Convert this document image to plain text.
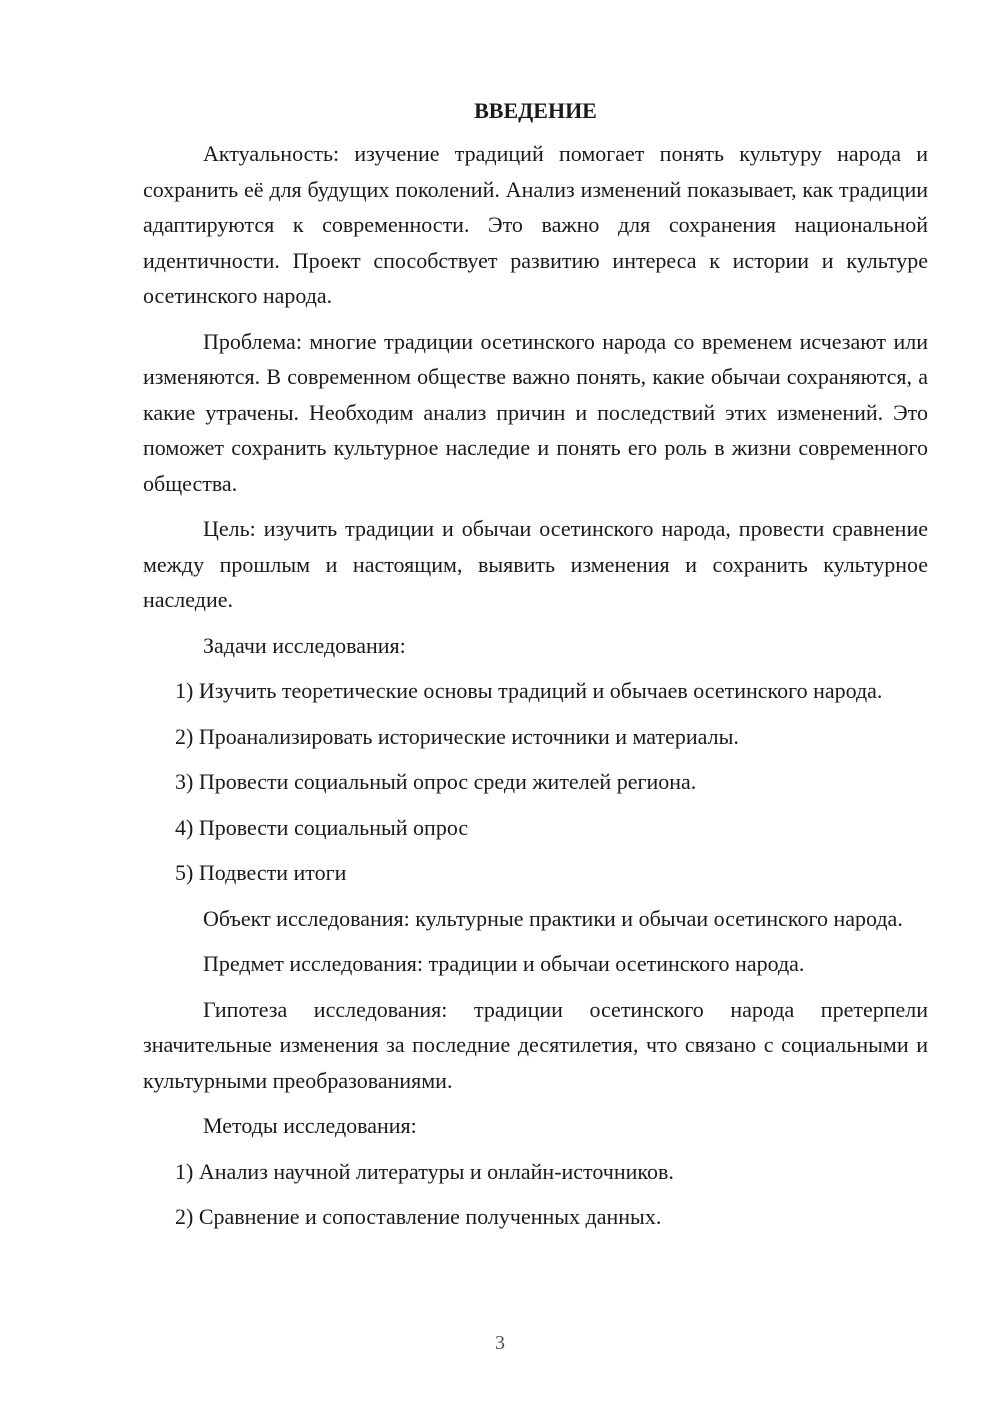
ВВЕДЕНИЕ

Актуальность: изучение традиций помогает понять культуру народа и сохранить её для будущих поколений. Анализ изменений показывает, как традиции адаптируются к современности. Это важно для сохранения национальной идентичности. Проект способствует развитию интереса к истории и культуре осетинского народа.

Проблема: многие традиции осетинского народа со временем исчезают или изменяются. В современном обществе важно понять, какие обычаи сохраняются, а какие утрачены. Необходим анализ причин и последствий этих изменений. Это поможет сохранить культурное наследие и понять его роль в жизни современного общества.

Цель: изучить традиции и обычаи осетинского народа, провести сравнение между прошлым и настоящим, выявить изменения и сохранить культурное наследие.

Задачи исследования:

1) Изучить теоретические основы традиций и обычаев осетинского народа.

2) Проанализировать исторические источники и материалы.

3) Провести социальный опрос среди жителей региона.

4) Провести социальный опрос

5) Подвести итоги

Объект исследования: культурные практики и обычаи осетинского народа.

Предмет исследования: традиции и обычаи осетинского народа.

Гипотеза исследования: традиции осетинского народа претерпели значительные изменения за последние десятилетия, что связано с социальными и культурными преобразованиями.

Методы исследования:

1) Анализ научной литературы и онлайн-источников.

2) Сравнение и сопоставление полученных данных.

3
